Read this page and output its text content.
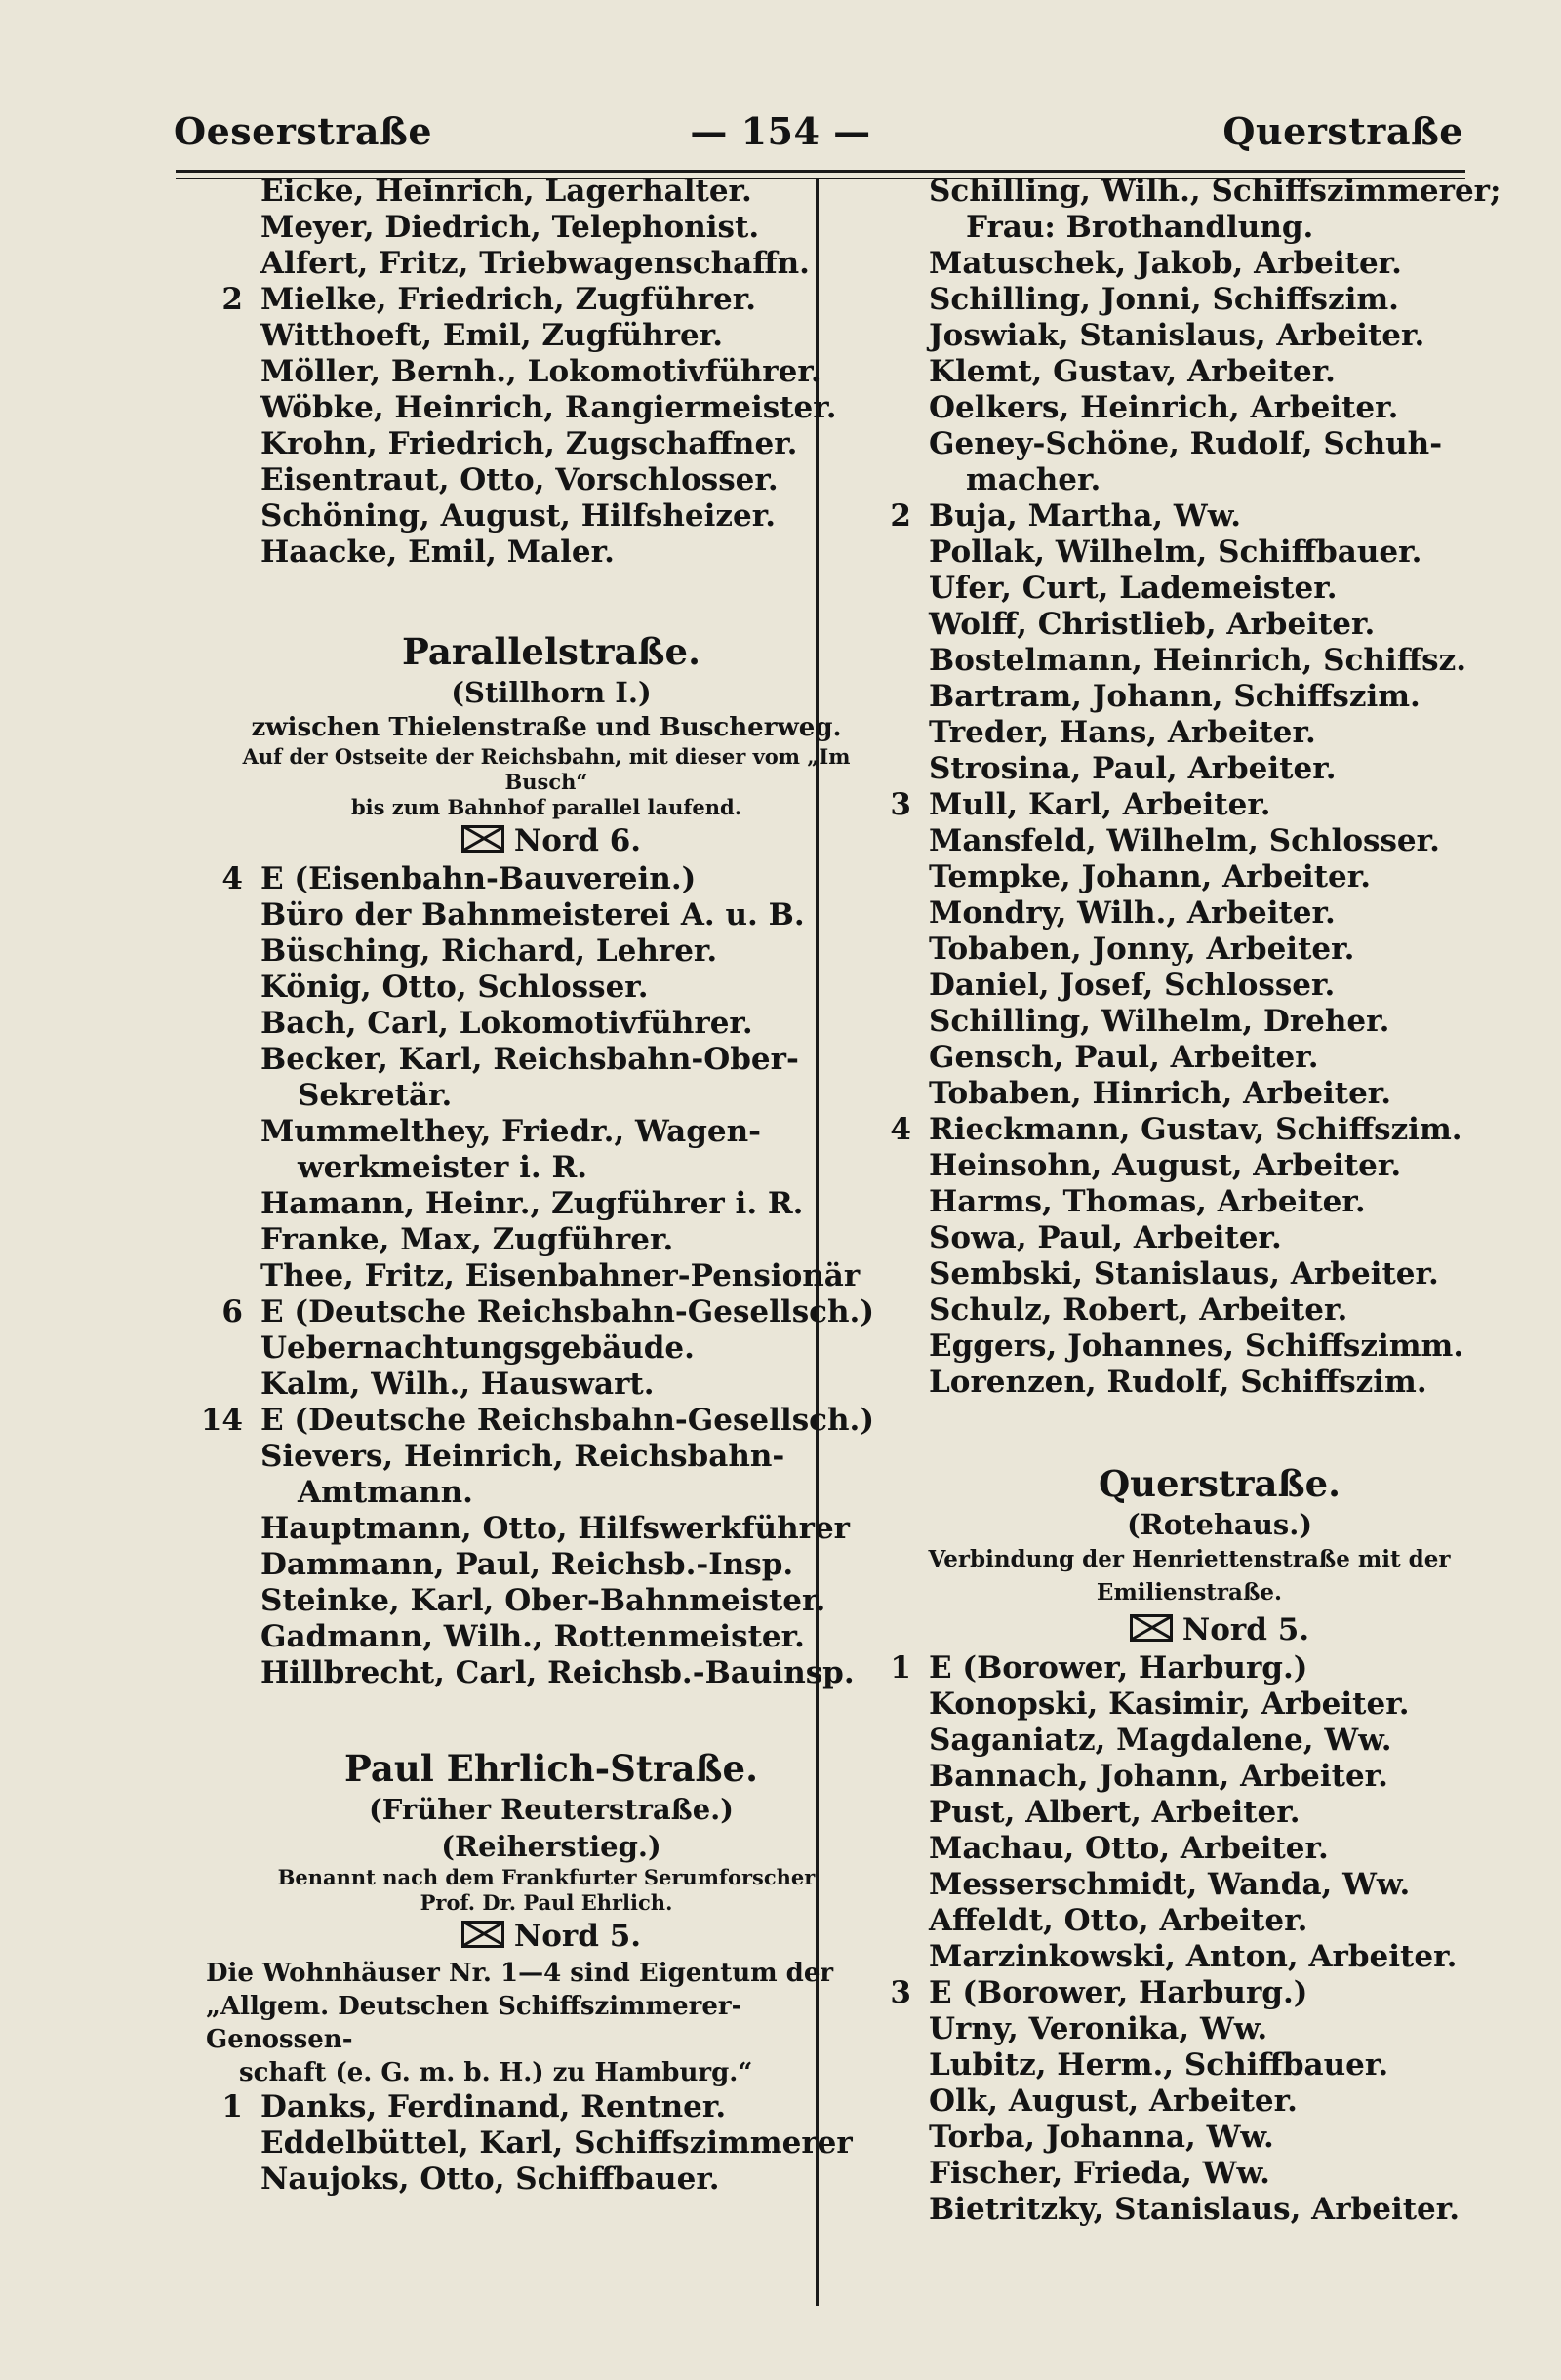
— 154 —
Oeserstraße	Querstraße
Eicke, Heinrich, Lagerhalter.
Meyer, Diedrich, Telephonist.
Alfert, Fritz, Triebwagenschaffn.
2 Mielke, Friedrich, Zugführer.
Witthoeft, Emil, Zugführer.
Möller, Bernh., Lokomotivführer.
Wöbke, Heinrich, Rangiermeister.
Krohn, Friedrich, Zugschaffner.
Eisentraut, Otto, Vorschlosser.
Schöning, August, Hilfsheizer.
Haacke, Emil, Maler.
Parallelstraße.
(Stillhorn I.)
zwischen Thielenstraße und Buscherweg.
Auf der Ostseite der Reichsbahn, mit dieser vom „Im Busch“
bis zum Bahnhof parallel laufend.
Nord 6.
4 E (Eisenbahn-Bauverein.)
Büro der Bahnmeisterei A. u. B.
Büsching, Richard, Lehrer.
König, Otto, Schlosser.
Bach, Carl, Lokomotivführer.
Becker, Karl, Reichsbahn-Ober-
Sekretär.
Mummelthey, Friedr., Wagen-
werkmeister i. R.
Hamann, Heinr., Zugführer i. R.
Franke, Max, Zugführer.
Thee, Fritz, Eisenbahner-Pensionär
6 E (Deutsche Reichsbahn-Gesellsch.)
Uebernachtungsgebäude.
Kalm, Wilh., Hauswart.
14 E (Deutsche Reichsbahn-Gesellsch.)
Sievers, Heinrich, Reichsbahn-
Amtmann.
Hauptmann, Otto, Hilfswerkführer
Dammann, Paul, Reichsb.-Insp.
Steinke, Karl, Ober-Bahnmeister.
Gadmann, Wilh., Rottenmeister.
Hillbrecht, Carl, Reichsb.-Bauinsp.
Paul Ehrlich-Straße.
(Früher Reuterstraße.)
(Reiherstieg.)
Benannt nach dem Frankfurter Serumforscher
Prof. Dr. Paul Ehrlich.
Nord 5.
Die Wohnhäuser Nr. 1—4 sind Eigentum der
„Allgem. Deutschen Schiffszimmerer-Genossen-
schaft (e. G. m. b. H.) zu Hamburg.“
1 Danks, Ferdinand, Rentner.
Eddelbüttel, Karl, Schiffszimmerer
Naujoks, Otto, Schiffbauer.
Schilling, Wilh., Schiffszimmerer;
Frau: Brothandlung.
Matuschek, Jakob, Arbeiter.
Schilling, Jonni, Schiffszim.
Joswiak, Stanislaus, Arbeiter.
Klemt, Gustav, Arbeiter.
Oelkers, Heinrich, Arbeiter.
Geney-Schöne, Rudolf, Schuh-
macher.
2 Buja, Martha, Ww.
Pollak, Wilhelm, Schiffbauer.
Ufer, Curt, Lademeister.
Wolff, Christlieb, Arbeiter.
Bostelmann, Heinrich, Schiffsz.
Bartram, Johann, Schiffszim.
Treder, Hans, Arbeiter.
Strosina, Paul, Arbeiter.
3 Mull, Karl, Arbeiter.
Mansfeld, Wilhelm, Schlosser.
Tempke, Johann, Arbeiter.
Mondry, Wilh., Arbeiter.
Tobaben, Jonny, Arbeiter.
Daniel, Josef, Schlosser.
Schilling, Wilhelm, Dreher.
Gensch, Paul, Arbeiter.
Tobaben, Hinrich, Arbeiter.
4 Rieckmann, Gustav, Schiffszim.
Heinsohn, August, Arbeiter.
Harms, Thomas, Arbeiter.
Sowa, Paul, Arbeiter.
Sembski, Stanislaus, Arbeiter.
Schulz, Robert, Arbeiter.
Eggers, Johannes, Schiffszimm.
Lorenzen, Rudolf, Schiffszim.
Querstraße.
(Rotehaus.)
Verbindung der Henriettenstraße mit der Emilienstraße.
Nord 5.
1 E (Borower, Harburg.)
Konopski, Kasimir, Arbeiter.
Saganiatz, Magdalene, Ww.
Bannach, Johann, Arbeiter.
Pust, Albert, Arbeiter.
Machau, Otto, Arbeiter.
Messerschmidt, Wanda, Ww.
Affeldt, Otto, Arbeiter.
Marzinkowski, Anton, Arbeiter.
3 E (Borower, Harburg.)
Urny, Veronika, Ww.
Lubitz, Herm., Schiffbauer.
Olk, August, Arbeiter.
Torba, Johanna, Ww.
Fischer, Frieda, Ww.
Bietritzky, Stanislaus, Arbeiter.
